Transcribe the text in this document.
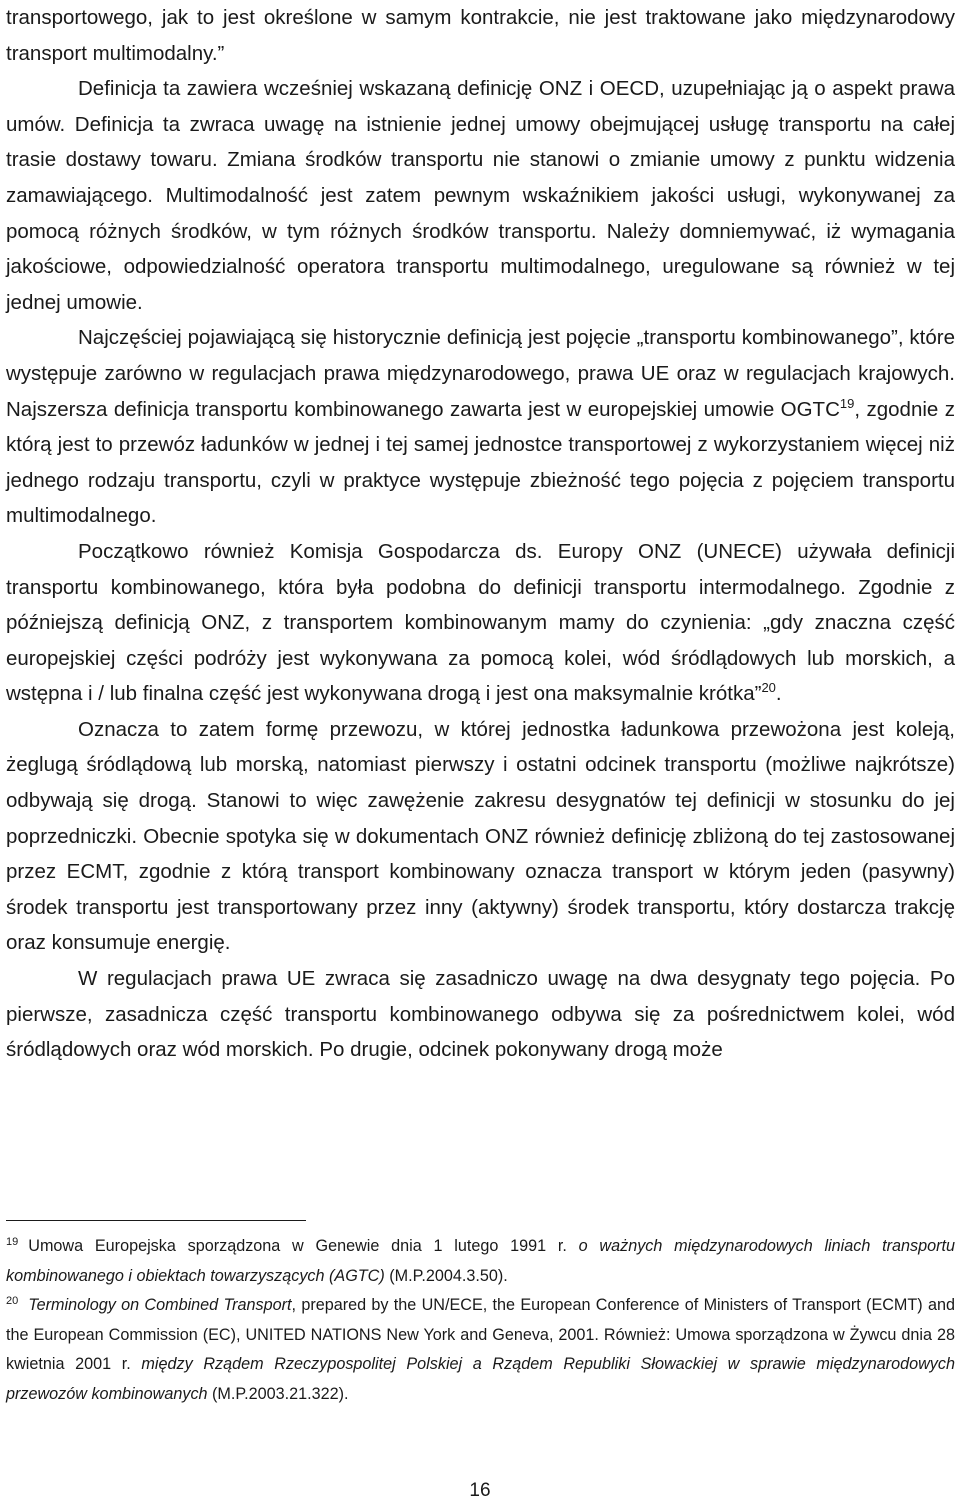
transportowego, jak to jest określone w samym kontrakcie, nie jest traktowane jako międzynarodowy transport multimodalny.”

Definicja ta zawiera wcześniej wskazaną definicję ONZ i OECD, uzupełniając ją o aspekt prawa umów. Definicja ta zwraca uwagę na istnienie jednej umowy obejmującej usługę transportu na całej trasie dostawy towaru. Zmiana środków transportu nie stanowi o zmianie umowy z punktu widzenia zamawiającego. Multimodalność jest zatem pewnym wskaźnikiem jakości usługi, wykonywanej za pomocą różnych środków, w tym różnych środków transportu. Należy domniemywać, iż wymagania jakościowe, odpowiedzialność operatora transportu multimodalnego, uregulowane są również w tej jednej umowie.

Najczęściej pojawiającą się historycznie definicją jest pojęcie „transportu kombinowanego”, które występuje zarówno w regulacjach prawa międzynarodowego, prawa UE oraz w regulacjach krajowych. Najszersza definicja transportu kombinowanego zawarta jest w europejskiej umowie OGTC$^{19}$, zgodnie z którą jest to przewóz ładunków w jednej i tej samej jednostce transportowej z wykorzystaniem więcej niż jednego rodzaju transportu, czyli w praktyce występuje zbieżność tego pojęcia z pojęciem transportu multimodalnego.

Początkowo również Komisja Gospodarcza ds. Europy ONZ (UNECE) używała definicji transportu kombinowanego, która była podobna do definicji transportu intermodalnego. Zgodnie z późniejszą definicją ONZ, z transportem kombinowanym mamy do czynienia: „gdy znaczna część europejskiej części podróży jest wykonywana za pomocą kolei, wód śródlądowych lub morskich, a wstępna i / lub finalna część jest wykonywana drogą i jest ona maksymalnie krótka”$^{20}$.

Oznacza to zatem formę przewozu, w której jednostka ładunkowa przewożona jest koleją, żeglugą śródlądową lub morską, natomiast pierwszy i ostatni odcinek transportu (możliwe najkrótsze) odbywają się drogą. Stanowi to więc zawężenie zakresu desygnatów tej definicji w stosunku do jej poprzedniczki. Obecnie spotyka się w dokumentach ONZ również definicję zbliżoną do tej zastosowanej przez ECMT, zgodnie z którą transport kombinowany oznacza transport w którym jeden (pasywny) środek transportu jest transportowany przez inny (aktywny) środek transportu, który dostarcza trakcję oraz konsumuje energię.

W regulacjach prawa UE zwraca się zasadniczo uwagę na dwa desygnaty tego pojęcia. Po pierwsze, zasadnicza część transportu kombinowanego odbywa się za pośrednictwem kolei, wód śródlądowych oraz wód morskich. Po drugie, odcinek pokonywany drogą może

$^{19}$ Umowa Europejska sporządzona w Genewie dnia 1 lutego 1991 r. o ważnych międzynarodowych liniach transportu kombinowanego i obiektach towarzyszących (AGTC) (M.P.2004.3.50).

$^{20}$ Terminology on Combined Transport, prepared by the UN/ECE, the European Conference of Ministers of Transport (ECMT) and the European Commission (EC), UNITED NATIONS New York and Geneva, 2001. Również: Umowa sporządzona w Żywcu dnia 28 kwietnia 2001 r. między Rządem Rzeczypospolitej Polskiej a Rządem Republiki Słowackiej w sprawie międzynarodowych przewozów kombinowanych (M.P.2003.21.322).

16
